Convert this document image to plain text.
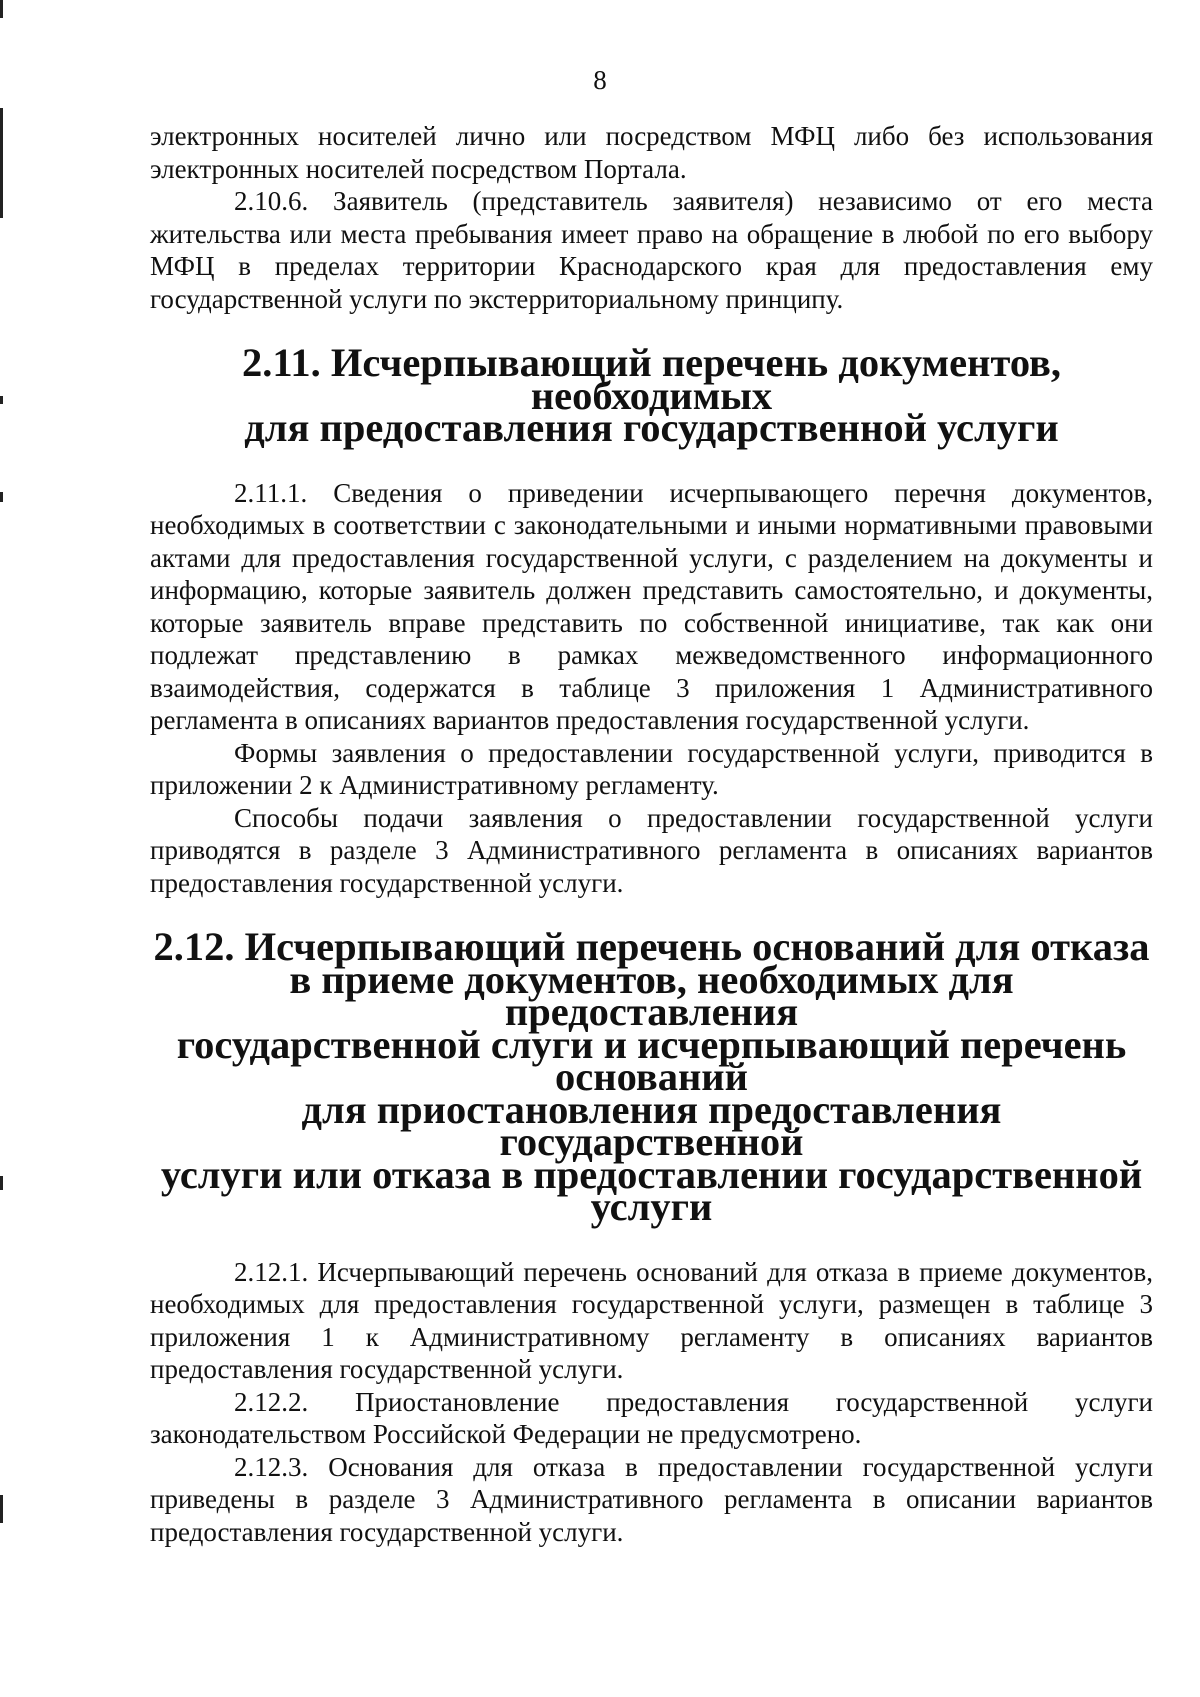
8

электронных носителей лично или посредством МФЦ либо без использования электронных носителей посредством Портала.

2.10.6. Заявитель (представитель заявителя) независимо от его места жительства или места пребывания имеет право на обращение в любой по его выбору МФЦ в пределах территории Краснодарского края для предоставления ему государственной услуги по экстерриториальному принципу.

2.11. Исчерпывающий перечень документов, необходимых
для предоставления государственной услуги

2.11.1. Сведения о приведении исчерпывающего перечня документов, необходимых в соответствии с законодательными и иными нормативными правовыми актами для предоставления государственной услуги, с разделением на документы и информацию, которые заявитель должен представить самостоятельно, и документы, которые заявитель вправе представить по собственной инициативе, так как они подлежат представлению в рамках межведомственного информационного взаимодействия, содержатся в таблице 3 приложения 1 Административного регламента в описаниях вариантов предоставления государственной услуги.

Формы заявления о предоставлении государственной услуги, приводится в приложении 2 к Административному регламенту.

Способы подачи заявления о предоставлении государственной услуги приводятся в разделе 3 Административного регламента в описаниях вариантов предоставления государственной услуги.

2.12. Исчерпывающий перечень оснований для отказа
в приеме документов, необходимых для предоставления
государственной слуги и исчерпывающий перечень оснований
для приостановления предоставления государственной
услуги или отказа в предоставлении государственной услуги

2.12.1. Исчерпывающий перечень оснований для отказа в приеме документов, необходимых для предоставления государственной услуги, размещен в таблице 3 приложения 1 к Административному регламенту в описаниях вариантов предоставления государственной услуги.

2.12.2. Приостановление предоставления государственной услуги законодательством Российской Федерации не предусмотрено.

2.12.3. Основания для отказа в предоставлении государственной услуги приведены в разделе 3 Административного регламента в описании вариантов предоставления государственной услуги.
